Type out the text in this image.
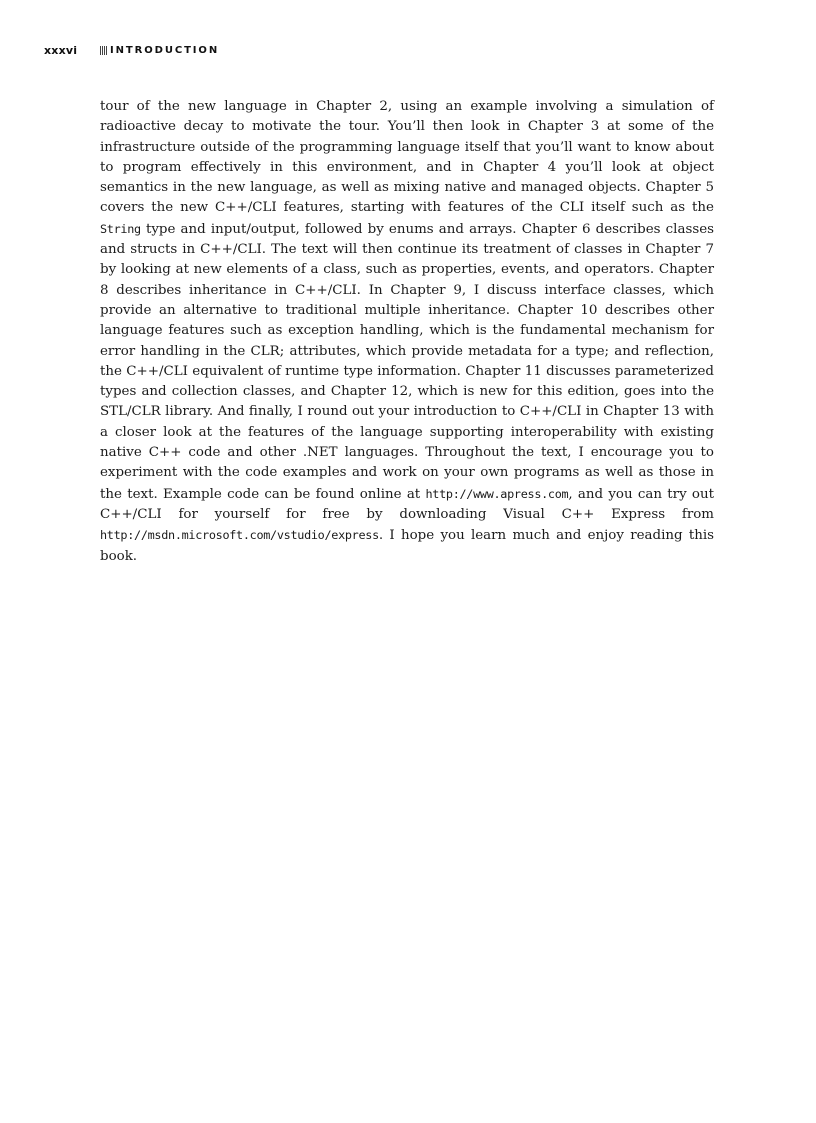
xxxvi	INTRODUCTION

tour of the new language in Chapter 2, using an example involving a simulation of radioactive decay to motivate the tour. You’ll then look in Chapter 3 at some of the infrastructure outside of the programming language itself that you’ll want to know about to program effectively in this environment, and in Chapter 4 you’ll look at object semantics in the new language, as well as mixing native and managed objects. Chapter 5 covers the new C++/CLI features, starting with features of the CLI itself such as the String type and input/output, followed by enums and arrays. Chapter 6 describes classes and structs in C++/CLI. The text will then continue its treatment of classes in Chapter 7 by looking at new elements of a class, such as properties, events, and operators. Chapter 8 describes inheritance in C++/CLI. In Chapter 9, I discuss interface classes, which provide an alternative to traditional multiple inheritance. Chapter 10 describes other language features such as exception handling, which is the fundamental mechanism for error handling in the CLR; attributes, which provide metadata for a type; and reflection, the C++/CLI equivalent of runtime type information. Chapter 11 discusses parameterized types and collection classes, and Chapter 12, which is new for this edition, goes into the STL/CLR library. And finally, I round out your introduction to C++/CLI in Chapter 13 with a closer look at the features of the language supporting interoperability with existing native C++ code and other .NET languages. Throughout the text, I encourage you to experiment with the code examples and work on your own programs as well as those in the text. Example code can be found online at http://www.apress.com, and you can try out C++/CLI for yourself for free by downloading Visual C++ Express from http://msdn.microsoft.com/vstudio/express. I hope you learn much and enjoy reading this book.
